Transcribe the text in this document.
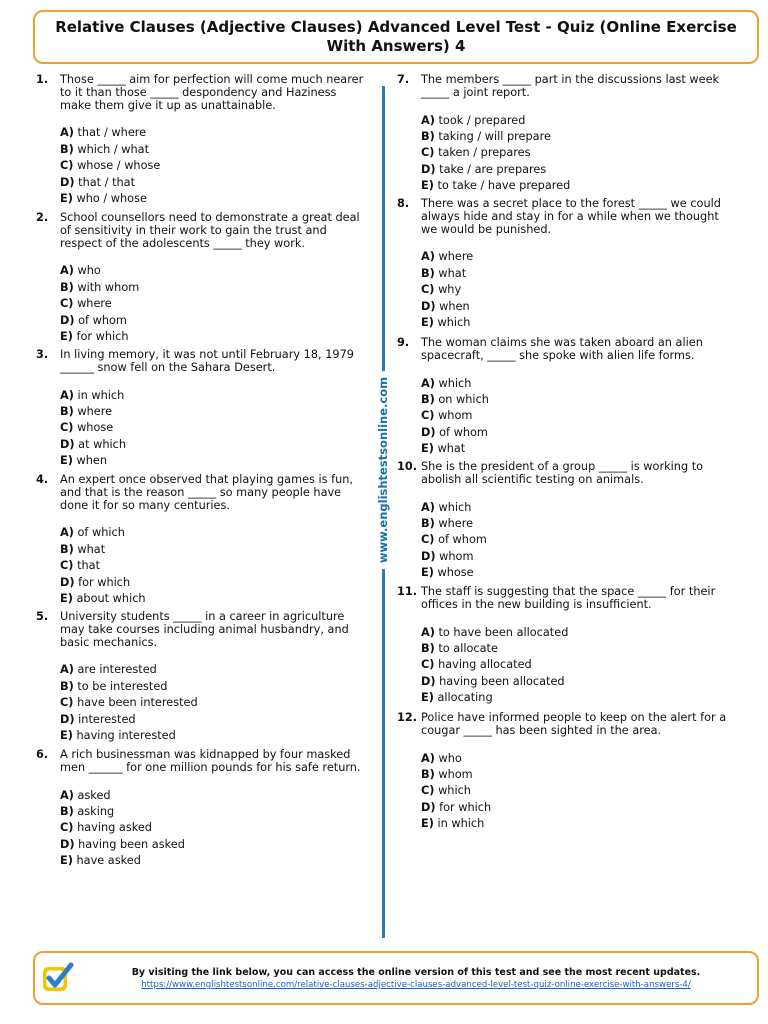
Relative Clauses (Adjective Clauses) Advanced Level Test - Quiz (Online Exercise With Answers) 4
1.	Those _____ aim for perfection will come much nearer to it than those _____ despondency and Haziness make them give it up as unattainable.
A) that / where
B) which / what
C) whose / whose
D) that / that
E) who / whose
2.	School counsellors need to demonstrate a great deal of sensitivity in their work to gain the trust and respect of the adolescents _____ they work.
A) who
B) with whom
C) where
D) of whom
E) for which
3.	In living memory, it was not until February 18, 1979 ______ snow fell on the Sahara Desert.
A) in which
B) where
C) whose
D) at which
E) when
4.	An expert once observed that playing games is fun, and that is the reason _____ so many people have done it for so many centuries.
A) of which
B) what
C) that
D) for which
E) about which
5.	University students _____ in a career in agriculture may take courses including animal husbandry, and basic mechanics.
A) are interested
B) to be interested
C) have been interested
D) interested
E) having interested
6.	A rich businessman was kidnapped by four masked men ______ for one million pounds for his safe return.
A) asked
B) asking
C) having asked
D) having been asked
E) have asked
7.	The members _____ part in the discussions last week _____ a joint report.
A) took / prepared
B) taking / will prepare
C) taken / prepares
D) take / are prepares
E) to take / have prepared
8.	There was a secret place to the forest _____ we could always hide and stay in for a while when we thought we would be punished.
A) where
B) what
C) why
D) when
E) which
9.	The woman claims she was taken aboard an alien spacecraft, _____ she spoke with alien life forms.
A) which
B) on which
C) whom
D) of whom
E) what
10. She is the president of a group _____ is working to abolish all scientific testing on animals.
A) which
B) where
C) of whom
D) whom
E) whose
11. The staff is suggesting that the space _____ for their offices in the new building is insufficient.
A) to have been allocated
B) to allocate
C) having allocated
D) having been allocated
E) allocating
12. Police have informed people to keep on the alert for a cougar _____ has been sighted in the area.
A) who
B) whom
C) which
D) for which
E) in which
www.englishtestsonline.com
By visiting the link below, you can access the online version of this test and see the most recent updates.
https://www.englishtestsonline.com/relative-clauses-adjective-clauses-advanced-level-test-quiz-online-exercise-with-answers-4/
